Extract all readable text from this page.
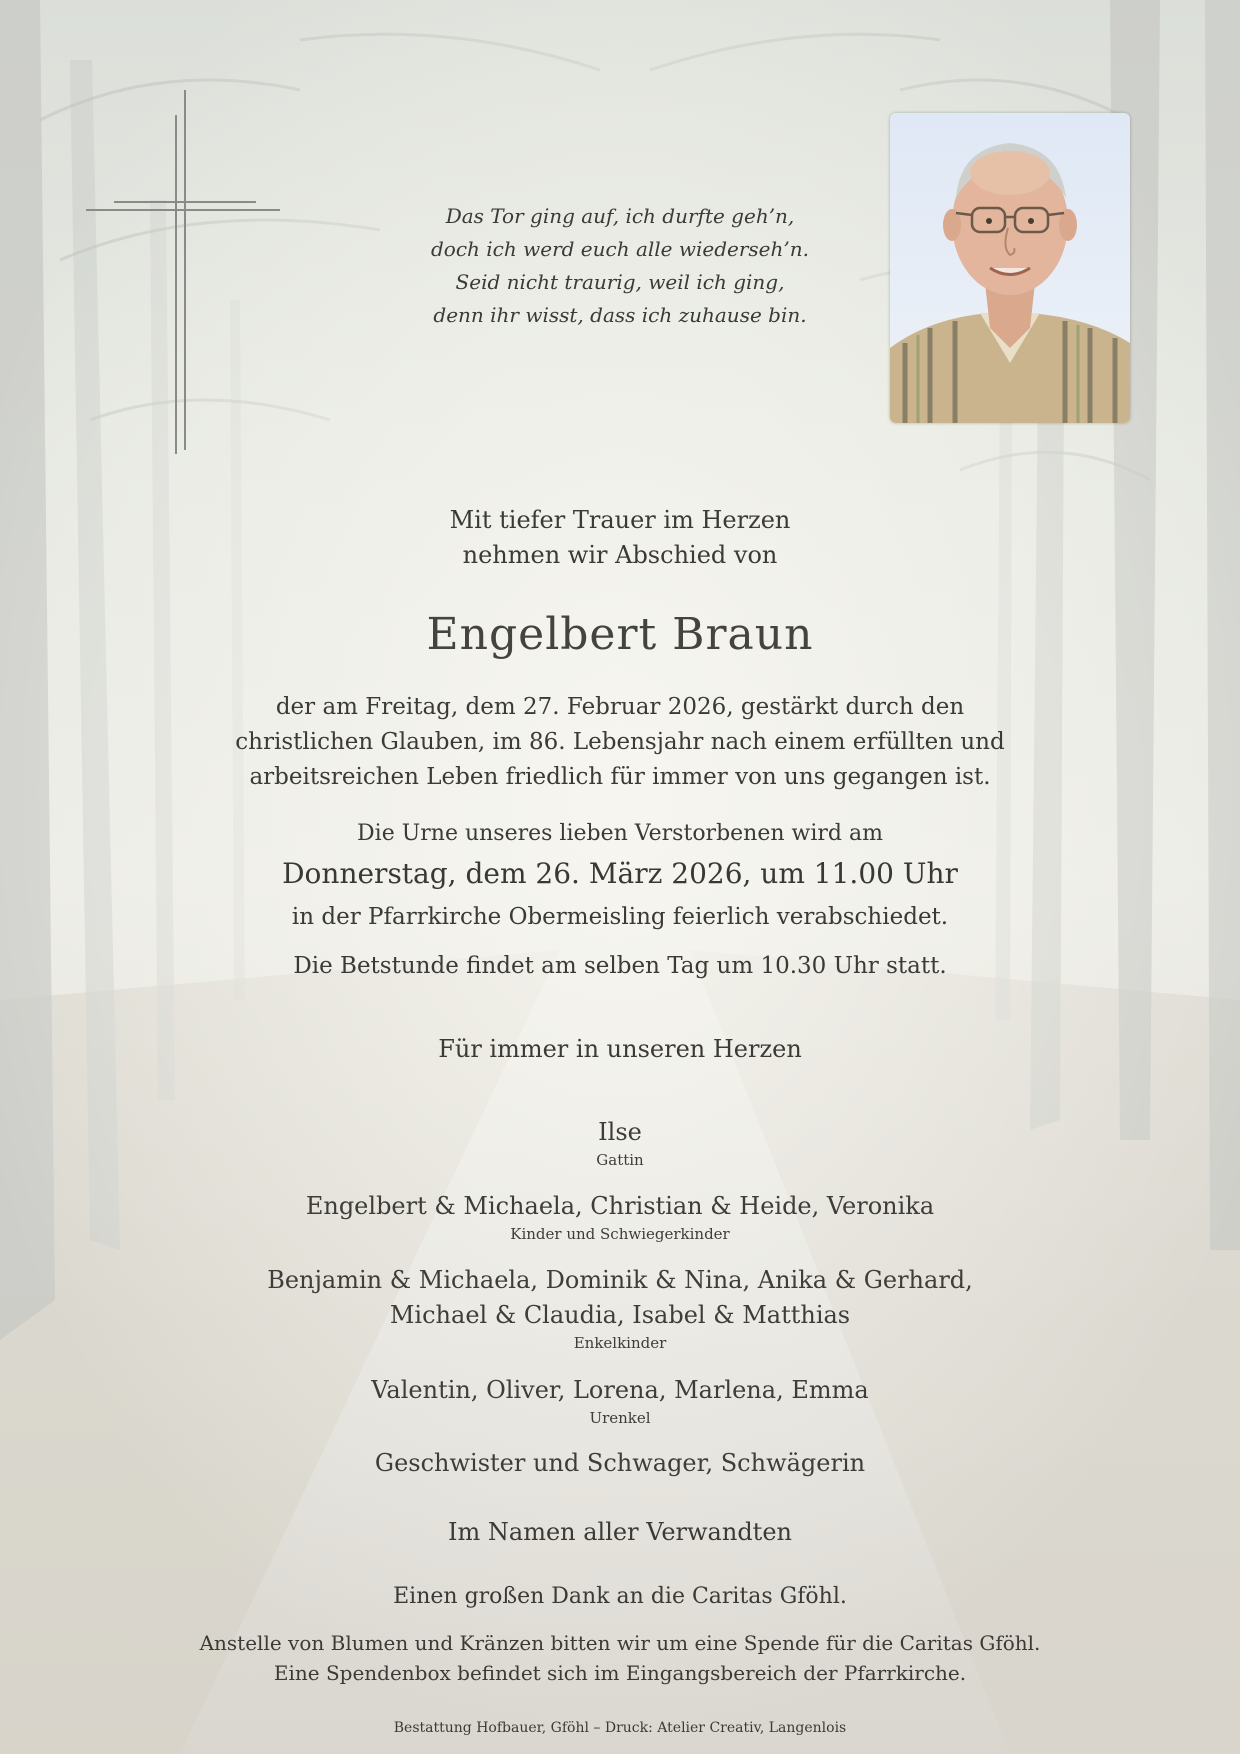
Das Tor ging auf, ich durfte geh’n,
doch ich werd euch alle wiederseh’n.
Seid nicht traurig, weil ich ging,
denn ihr wisst, dass ich zuhause bin.
Mit tiefer Trauer im Herzen
nehmen wir Abschied von
Engelbert Braun
der am Freitag, dem 27. Februar 2026, gestärkt durch den
christlichen Glauben, im 86. Lebensjahr nach einem erfüllten und
arbeitsreichen Leben friedlich für immer von uns gegangen ist.
Die Urne unseres lieben Verstorbenen wird am
Donnerstag, dem 26. März 2026, um 11.00 Uhr
in der Pfarrkirche Obermeisling feierlich verabschiedet.
Die Betstunde findet am selben Tag um 10.30 Uhr statt.
Für immer in unseren Herzen
Ilse
Gattin
Engelbert & Michaela, Christian & Heide, Veronika
Kinder und Schwiegerkinder
Benjamin & Michaela, Dominik & Nina, Anika & Gerhard,
Michael & Claudia, Isabel & Matthias
Enkelkinder
Valentin, Oliver, Lorena, Marlena, Emma
Urenkel
Geschwister und Schwager, Schwägerin
Im Namen aller Verwandten
Einen großen Dank an die Caritas Gföhl.
Anstelle von Blumen und Kränzen bitten wir um eine Spende für die Caritas Gföhl.
Eine Spendenbox befindet sich im Eingangsbereich der Pfarrkirche.
Bestattung Hofbauer, Gföhl – Druck: Atelier Creativ, Langenlois
